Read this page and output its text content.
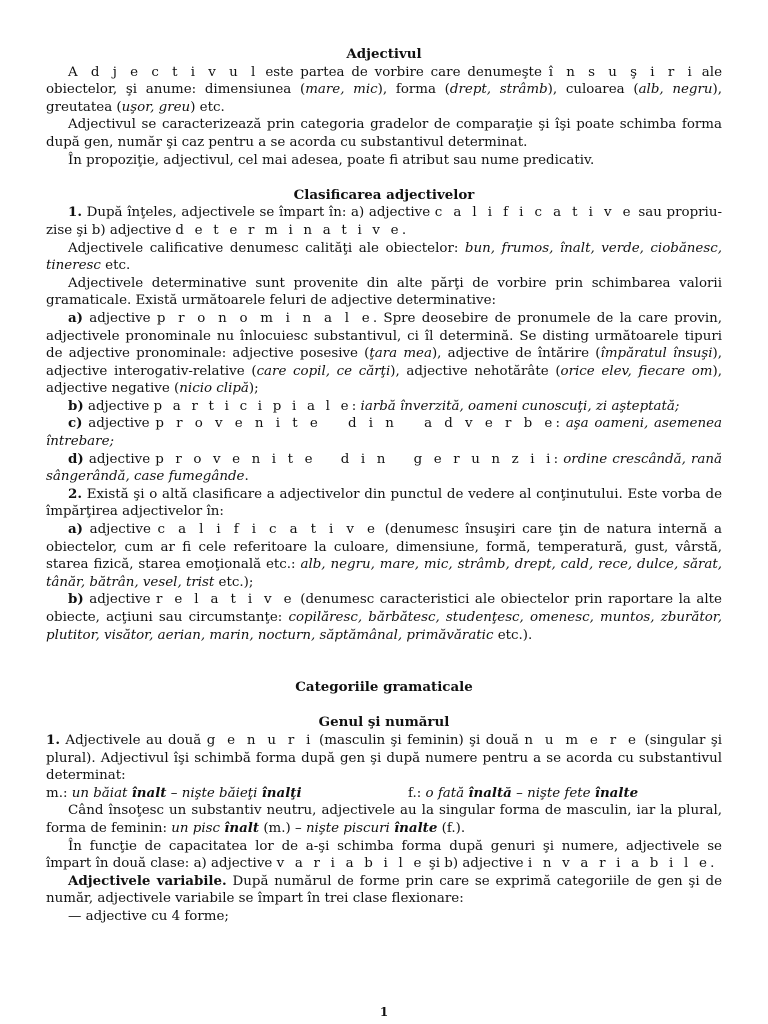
Adjectivul

A d j e c t i v u l este partea de vorbire care denumeşte î n s u ş i r i ale obiectelor, şi anume: dimensiunea (mare, mic), forma (drept, strâmb), culoarea (alb, negru), greutatea (uşor, greu) etc.

Adjectivul se caracterizează prin categoria gradelor de comparaţie şi îşi poate schimba forma după gen, număr şi caz pentru a se acorda cu substantivul determinat.

În propoziţie, adjectivul, cel mai adesea, poate fi atribut sau nume predicativ.

Clasificarea adjectivelor

1. După înţeles, adjectivele se împart în: a) adjective c a l i f i c a t i v e sau propriu-zise şi b) adjective d e t e r m i n a t i v e.

Adjectivele calificative denumesc calităţi ale obiectelor: bun, frumos, înalt, verde, ciobănesc, tineresc etc.

Adjectivele determinative sunt provenite din alte părţi de vorbire prin schimbarea valorii gramaticale. Există următoarele feluri de adjective determinative:

a) adjective p r o n o m i n a l e. Spre deosebire de pronumele de la care provin, adjectivele pronominale nu înlocuiesc substantivul, ci îl determină. Se disting următoarele tipuri de adjective pronominale: adjective posesive (ţara mea), adjective de întărire (împăratul însuşi), adjective interogativ-relative (care copil, ce cărţi), adjective nehotărâte (orice elev, fiecare om), adjective negative (nicio clipă);

b) adjective p a r t i c i p i a l e: iarbă înverzită, oameni cunoscuţi, zi aşteptată;

c) adjective p r o v e n i t e   d i n   a d v e r b e: aşa oameni, asemenea întrebare;

d) adjective p r o v e n i t e   d i n   g e r u n z i i: ordine crescândă, rană sângerândă, case fumegânde.

2. Există şi o altă clasificare a adjectivelor din punctul de vedere al conţinutului. Este vorba de împărţirea adjectivelor în:

a) adjective c a l i f i c a t i v e (denumesc însuşiri care ţin de natura internă a obiectelor, cum ar fi cele referitoare la culoare, dimensiune, formă, temperatură, gust, vârstă, starea fizică, starea emoţională etc.: alb, negru, mare, mic, strâmb, drept, cald, rece, dulce, sărat, tânăr, bătrân, vesel, trist etc.);

b) adjective r e l a t i v e (denumesc caracteristici ale obiectelor prin raportare la alte obiecte, acţiuni sau circumstanţe: copilăresc, bărbătesc, studenţesc, omenesc, muntos, zburător, plutitor, visător, aerian, marin, nocturn, săptămânal, primăvăratic etc.).

Categoriile gramaticale

Genul şi numărul

1. Adjectivele au două g e n u r i (masculin şi feminin) şi două n u m e r e (singular şi plural). Adjectivul îşi schimbă forma după gen şi după numere pentru a se acorda cu substantivul determinat:

m.: un băiat înalt – nişte băieţi înalţi	f.: o fată înaltă – nişte fete înalte

Când însoţesc un substantiv neutru, adjectivele au la singular forma de masculin, iar la plural, forma de feminin: un pisc înalt (m.) – nişte piscuri înalte (f.).

În funcţie de capacitatea lor de a-şi schimba forma după genuri şi numere, adjectivele se împart în două clase: a) adjective v a r i a b i l e şi b) adjective i n v a r i a b i l e.

Adjectivele variabile. După numărul de forme prin care se exprimă categoriile de gen şi de număr, adjectivele variabile se împart în trei clase flexionare:

— adjective cu 4 forme;

1
